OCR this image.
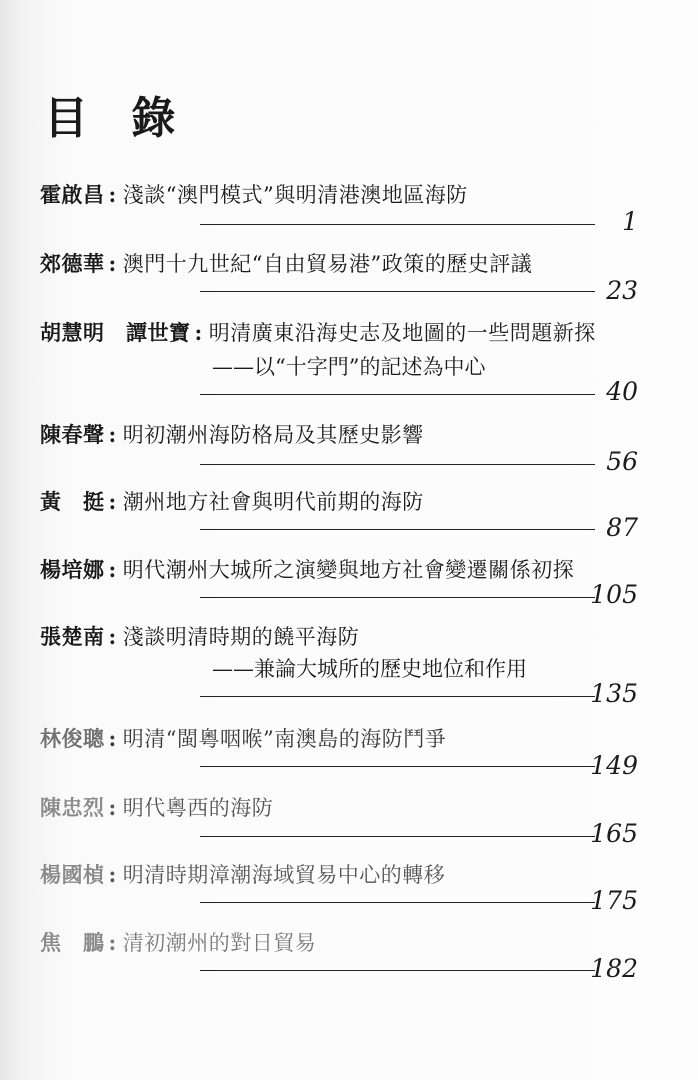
目 錄
霍啟昌 : 淺談“澳門模式”與明清港澳地區海防
1
郊德華 : 澳門十九世紀“自由貿易港”政策的歷史評議
23
胡慧明　譚世寶 : 明清廣東沿海史志及地圖的一些問題新探
——以“十字門”的記述為中心
40
陳春聲 : 明初潮州海防格局及其歷史影響
56
黃　挺 : 潮州地方社會與明代前期的海防
87
楊培娜 : 明代潮州大城所之演變與地方社會變遷關係初探
105
張楚南 : 淺談明清時期的饒平海防
——兼論大城所的歷史地位和作用
135
林俊聰 : 明清“閩粵咽喉”南澳島的海防鬥爭
149
陳忠烈 : 明代粵西的海防
165
楊國楨 : 明清時期漳潮海域貿易中心的轉移
175
焦　鵬 : 清初潮州的對日貿易
182
